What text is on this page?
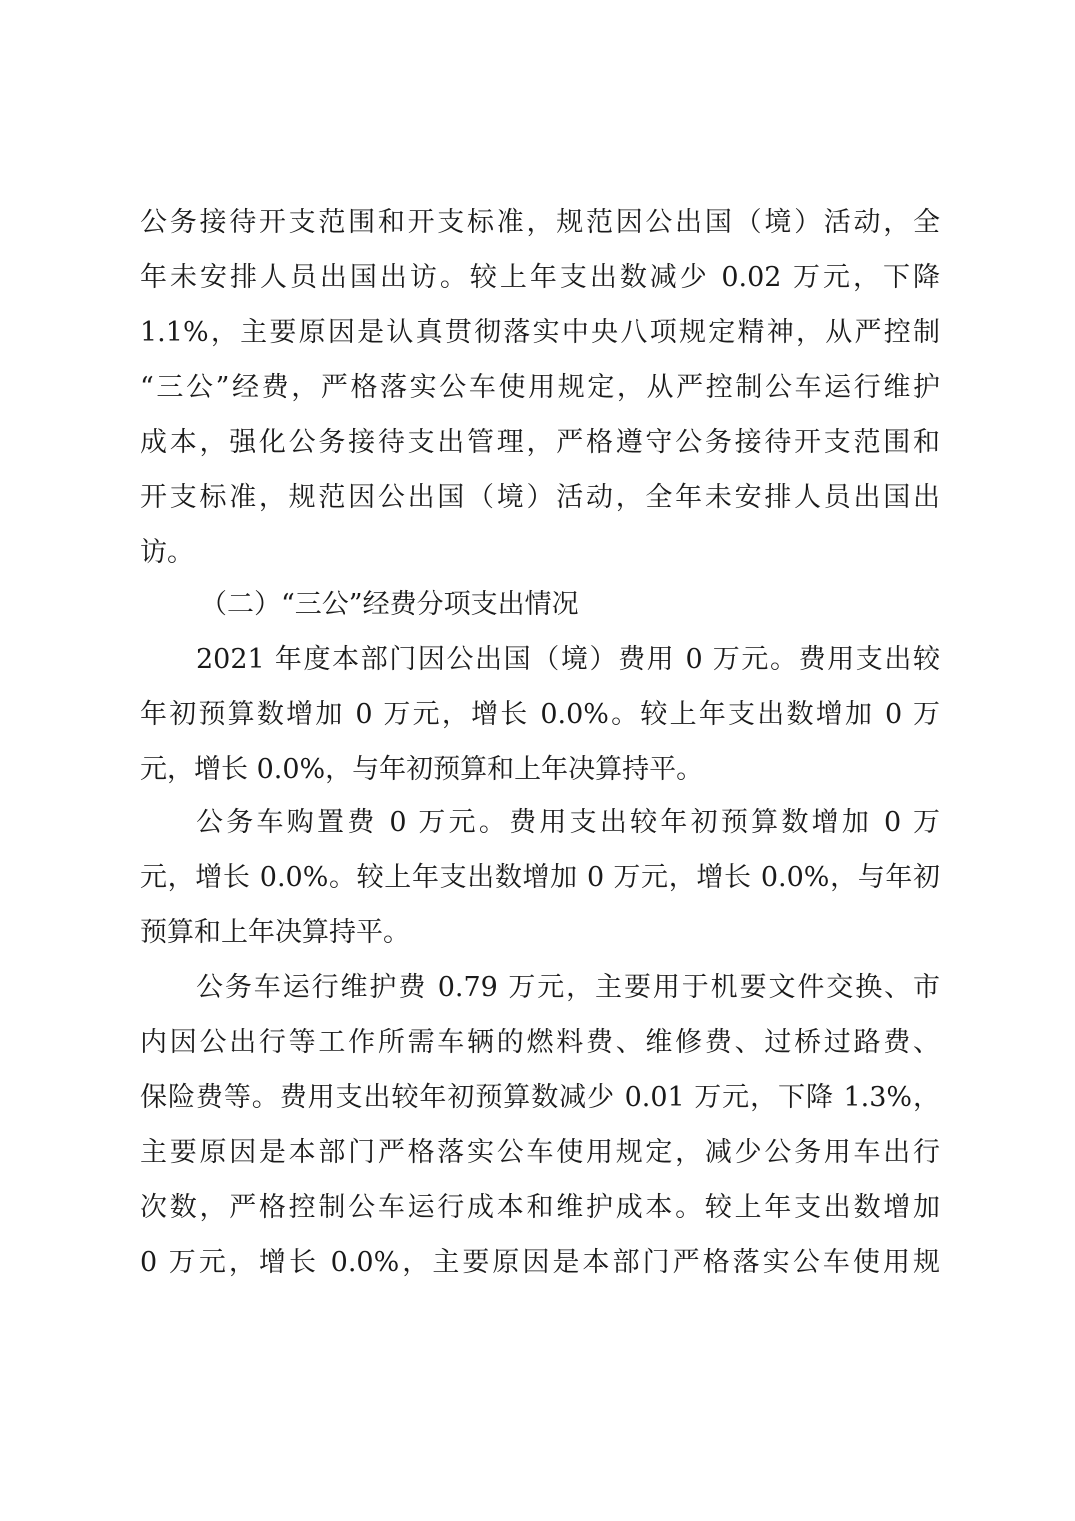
公务接待开支范围和开支标准，规范因公出国（境）活动，全
年未安排人员出国出访。较上年支出数减少 0.02 万元，下降
1.1%，主要原因是认真贯彻落实中央八项规定精神，从严控制
“三公”经费，严格落实公车使用规定，从严控制公车运行维护
成本，强化公务接待支出管理，严格遵守公务接待开支范围和
开支标准，规范因公出国（境）活动，全年未安排人员出国出
访。
（二）“三公”经费分项支出情况
2021 年度本部门因公出国（境）费用 0 万元。费用支出较
年初预算数增加 0 万元，增长 0.0%。较上年支出数增加 0 万
元，增长 0.0%，与年初预算和上年决算持平。
公务车购置费 0 万元。费用支出较年初预算数增加 0 万
元，增长 0.0%。较上年支出数增加 0 万元，增长 0.0%，与年初
预算和上年决算持平。
公务车运行维护费 0.79 万元，主要用于机要文件交换、市
内因公出行等工作所需车辆的燃料费、维修费、过桥过路费、
保险费等。费用支出较年初预算数减少 0.01 万元，下降 1.3%，
主要原因是本部门严格落实公车使用规定，减少公务用车出行
次数，严格控制公车运行成本和维护成本。较上年支出数增加
0 万元，增长 0.0%，主要原因是本部门严格落实公车使用规
